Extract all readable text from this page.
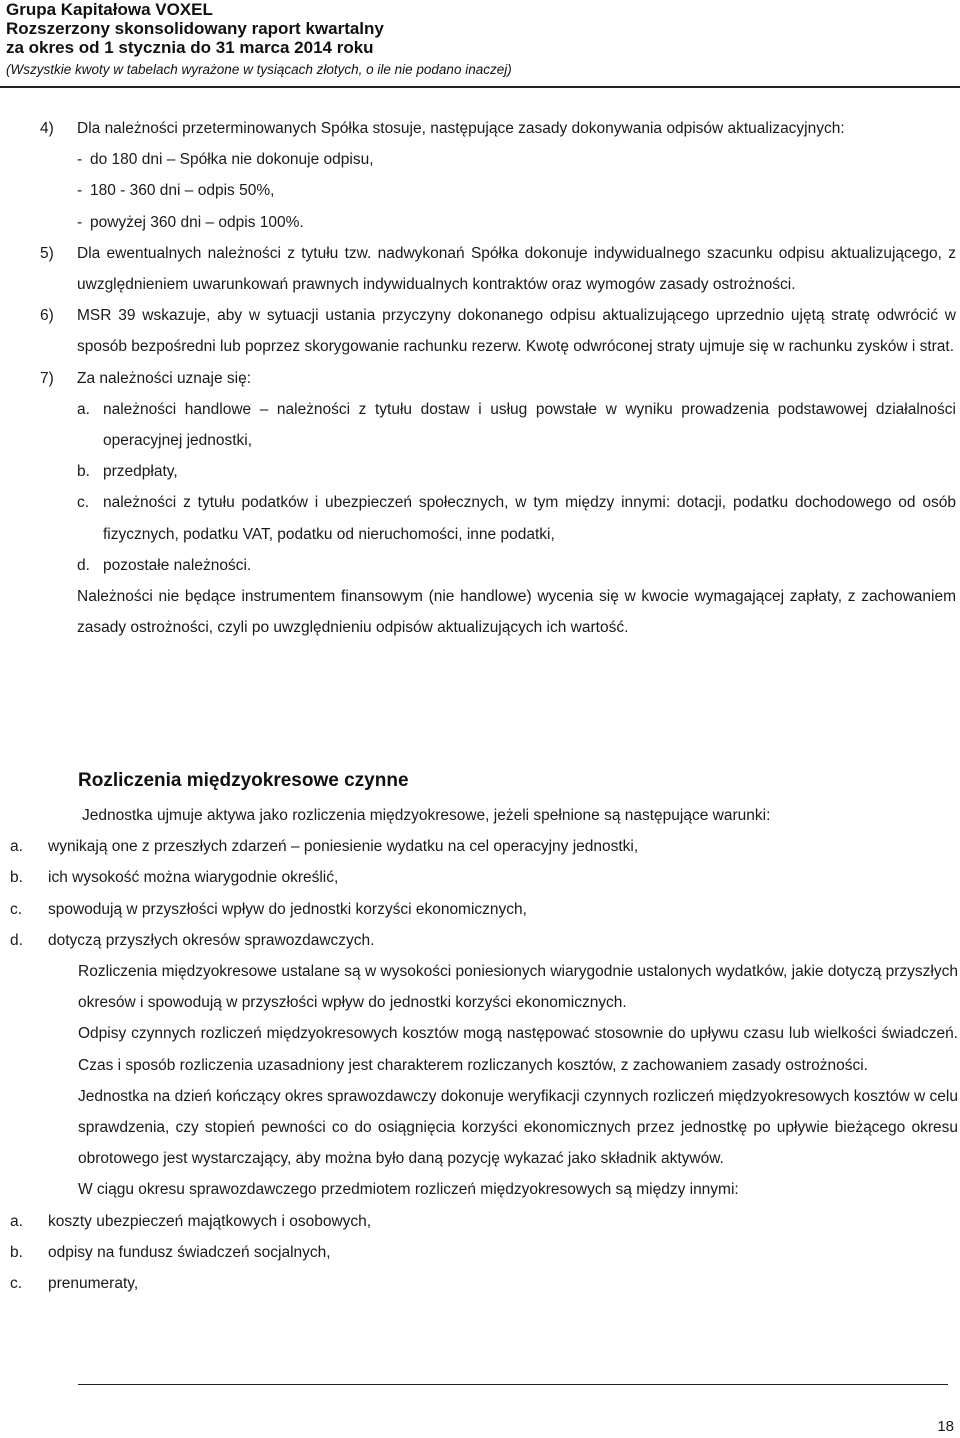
Grupa Kapitałowa VOXEL
Rozszerzony skonsolidowany raport kwartalny
za okres od 1 stycznia do 31 marca 2014 roku
(Wszystkie kwoty w tabelach wyrażone w tysiącach złotych, o ile nie podano inaczej)
4) Dla należności przeterminowanych Spółka stosuje, następujące zasady dokonywania odpisów aktualizacyjnych:
- do 180 dni – Spółka nie dokonuje odpisu,
- 180 - 360 dni – odpis 50%,
- powyżej 360 dni – odpis 100%.
5) Dla ewentualnych należności z tytułu tzw. nadwykonań Spółka dokonuje indywidualnego szacunku odpisu aktualizującego, z uwzględnieniem uwarunkowań prawnych indywidualnych kontraktów oraz wymogów zasady ostrożności.
6) MSR 39 wskazuje, aby w sytuacji ustania przyczyny dokonanego odpisu aktualizującego uprzednio ujętą stratę odwrócić w sposób bezpośredni lub poprzez skorygowanie rachunku rezerw. Kwotę odwróconej straty ujmuje się w rachunku zysków i strat.
7) Za należności uznaje się:
a. należności handlowe – należności z tytułu dostaw i usług powstałe w wyniku prowadzenia podstawowej działalności operacyjnej jednostki,
b. przedpłaty,
c. należności z tytułu podatków i ubezpieczeń społecznych, w tym między innymi: dotacji, podatku dochodowego od osób fizycznych, podatku VAT, podatku od nieruchomości, inne podatki,
d. pozostałe należności.
Należności nie będące instrumentem finansowym (nie handlowe) wycenia się w kwocie wymagającej zapłaty, z zachowaniem zasady ostrożności, czyli po uwzględnieniu odpisów aktualizujących ich wartość.
Rozliczenia międzyokresowe czynne
Jednostka ujmuje aktywa jako rozliczenia międzyokresowe, jeżeli spełnione są następujące warunki:
a. wynikają one z przeszłych zdarzeń – poniesienie wydatku na cel operacyjny jednostki,
b. ich wysokość można wiarygodnie określić,
c. spowodują w przyszłości wpływ do jednostki korzyści ekonomicznych,
d. dotyczą przyszłych okresów sprawozdawczych.
Rozliczenia międzyokresowe ustalane są w wysokości poniesionych wiarygodnie ustalonych wydatków, jakie dotyczą przyszłych okresów i spowodują w przyszłości wpływ do jednostki korzyści ekonomicznych.
Odpisy czynnych rozliczeń międzyokresowych kosztów mogą następować stosownie do upływu czasu lub wielkości świadczeń. Czas i sposób rozliczenia uzasadniony jest charakterem rozliczanych kosztów, z zachowaniem zasady ostrożności.
Jednostka na dzień kończący okres sprawozdawczy dokonuje weryfikacji czynnych rozliczeń międzyokresowych kosztów w celu sprawdzenia, czy stopień pewności co do osiągnięcia korzyści ekonomicznych przez jednostkę po upływie bieżącego okresu obrotowego jest wystarczający, aby można było daną pozycję wykazać jako składnik aktywów.
W ciągu okresu sprawozdawczego przedmiotem rozliczeń międzyokresowych są między innymi:
a. koszty ubezpieczeń majątkowych i osobowych,
b. odpisy na fundusz świadczeń socjalnych,
c. prenumeraty,
18
